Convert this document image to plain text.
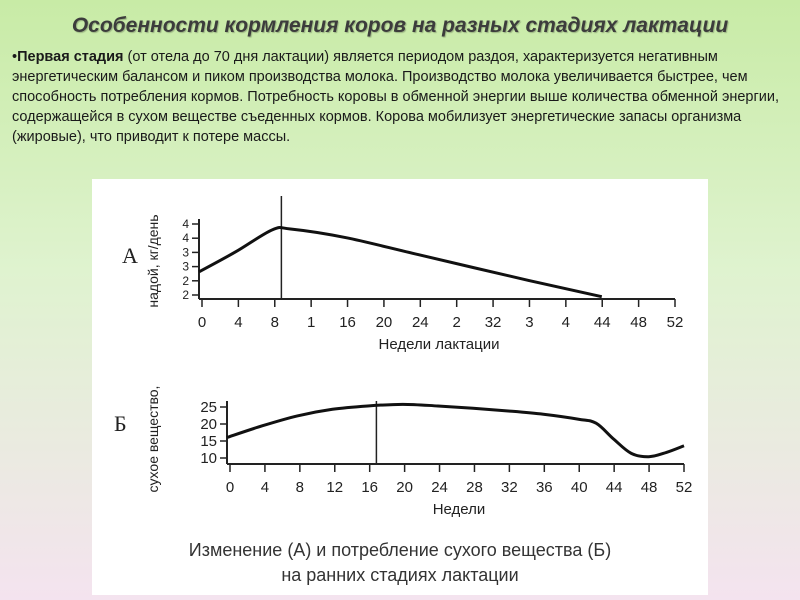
Особенности кормления коров на разных стадиях лактации
•Первая стадия (от отела до 70 дня лактации) является периодом раздоя, характеризуется негативным энергетическим балансом и пиком производства молока. Производство молока увеличивается быстрее, чем способность потребления кормов. Потребность коровы в обменной энергии выше количества обменной энергии, содержащейся в сухом веществе съеденных кормов. Корова мобилизует энергетические запасы организма (жировые), что приводит к потере массы.
А надой, кг/день 4
4
3
3
2
2
0 4 8 1 16 20 24 2 32 3 4 44 48 52
Недели лактации
Б сухое вещество,	25
20
15
10
0 4 8 12 16 20 24 28 32 36 40 44 48 52
Недели
Изменение (А) и потребление сухого вещества (Б)
на ранних стадиях лактации
